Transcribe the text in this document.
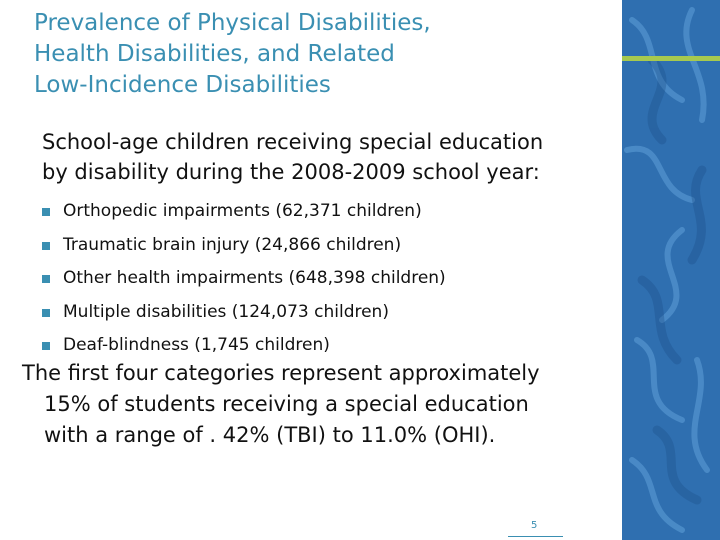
Prevalence of Physical Disabilities,
Health Disabilities, and Related
Low-Incidence Disabilities
School-age children receiving special education
by disability during the 2008-2009 school year:
Orthopedic impairments (62,371 children)
Traumatic brain injury (24,866 children)
Other health impairments (648,398 children)
Multiple disabilities (124,073 children)
Deaf-blindness (1,745 children)
The first four categories represent approximately
15% of students receiving a special education
with a range of . 42% (TBI) to 11.0% (OHI).
5
